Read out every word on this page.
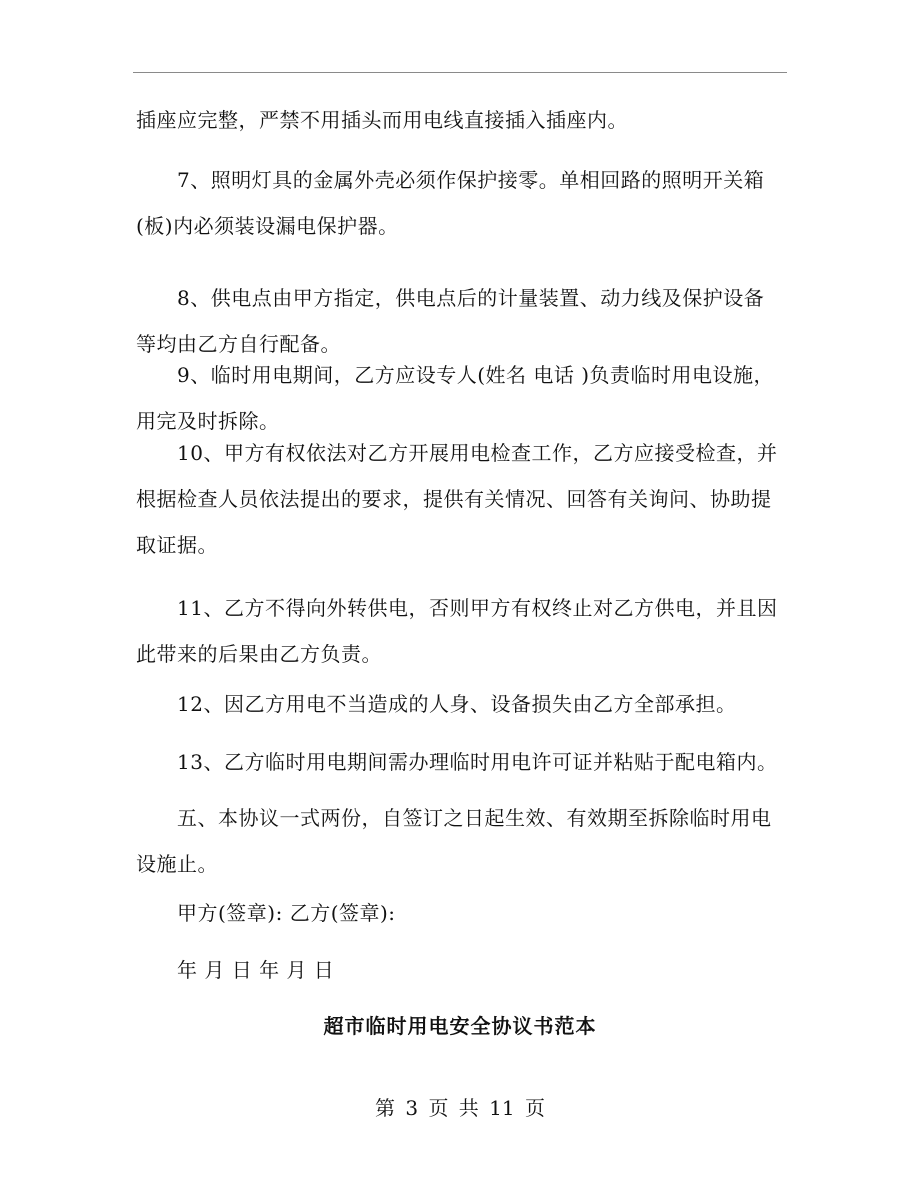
插座应完整，严禁不用插头而用电线直接插入插座内。

7、照明灯具的金属外壳必须作保护接零。单相回路的照明开关箱
(板)内必须装设漏电保护器。

8、供电点由甲方指定，供电点后的计量装置、动力线及保护设备
等均由乙方自行配备。

9、临时用电期间，乙方应设专人(姓名 电话 )负责临时用电设施，
用完及时拆除。

10、甲方有权依法对乙方开展用电检查工作，乙方应接受检查，并
根据检查人员依法提出的要求，提供有关情况、回答有关询问、协助提
取证据。

11、乙方不得向外转供电，否则甲方有权终止对乙方供电，并且因
此带来的后果由乙方负责。

12、因乙方用电不当造成的人身、设备损失由乙方全部承担。

13、乙方临时用电期间需办理临时用电许可证并粘贴于配电箱内。

五、本协议一式两份，自签订之日起生效、有效期至拆除临时用电
设施止。

甲方(签章): 乙方(签章):

年 月 日 年 月 日

超市临时用电安全协议书范本
第 3 页 共 11 页
